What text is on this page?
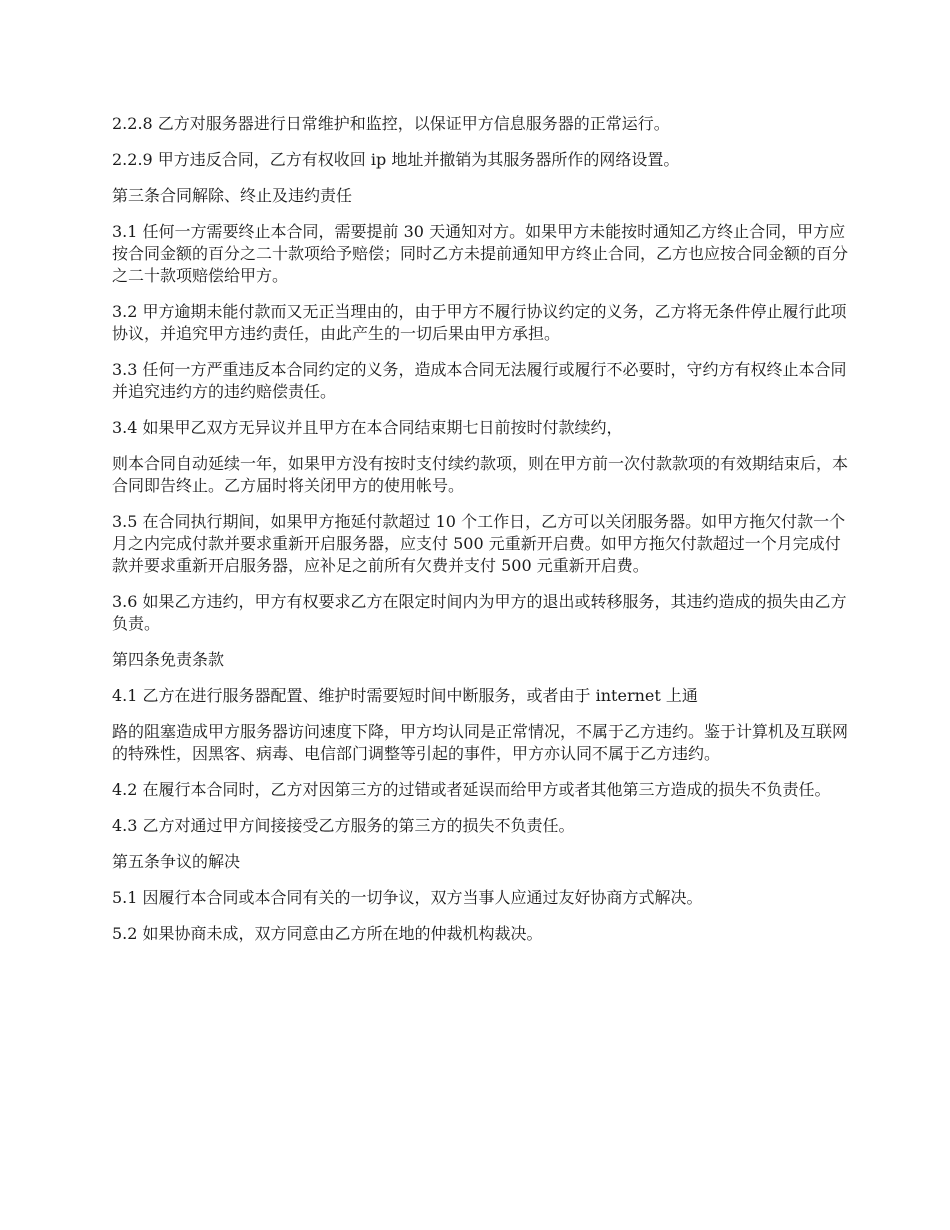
2.2.8 乙方对服务器进行日常维护和监控，以保证甲方信息服务器的正常运行。

2.2.9 甲方违反合同，乙方有权收回 ip 地址并撤销为其服务器所作的网络设置。

第三条合同解除、终止及违约责任

3.1 任何一方需要终止本合同，需要提前 30 天通知对方。如果甲方未能按时通知乙方终止合同，甲方应按合同金额的百分之二十款项给予赔偿；同时乙方未提前通知甲方终止合同，乙方也应按合同金额的百分之二十款项赔偿给甲方。

3.2 甲方逾期未能付款而又无正当理由的，由于甲方不履行协议约定的义务，乙方将无条件停止履行此项协议，并追究甲方违约责任，由此产生的一切后果由甲方承担。

3.3 任何一方严重违反本合同约定的义务，造成本合同无法履行或履行不必要时，守约方有权终止本合同并追究违约方的违约赔偿责任。

3.4 如果甲乙双方无异议并且甲方在本合同结束期七日前按时付款续约，

则本合同自动延续一年，如果甲方没有按时支付续约款项，则在甲方前一次付款款项的有效期结束后，本合同即告终止。乙方届时将关闭甲方的使用帐号。

3.5 在合同执行期间，如果甲方拖延付款超过 10 个工作日，乙方可以关闭服务器。如甲方拖欠付款一个月之内完成付款并要求重新开启服务器，应支付 500 元重新开启费。如甲方拖欠付款超过一个月完成付款并要求重新开启服务器，应补足之前所有欠费并支付 500 元重新开启费。

3.6 如果乙方违约，甲方有权要求乙方在限定时间内为甲方的退出或转移服务，其违约造成的损失由乙方负责。

第四条免责条款

4.1 乙方在进行服务器配置、维护时需要短时间中断服务，或者由于 internet 上通

路的阻塞造成甲方服务器访问速度下降，甲方均认同是正常情况，不属于乙方违约。鉴于计算机及互联网的特殊性，因黑客、病毒、电信部门调整等引起的事件，甲方亦认同不属于乙方违约。

4.2 在履行本合同时，乙方对因第三方的过错或者延误而给甲方或者其他第三方造成的损失不负责任。

4.3 乙方对通过甲方间接接受乙方服务的第三方的损失不负责任。

第五条争议的解决

5.1 因履行本合同或本合同有关的一切争议，双方当事人应通过友好协商方式解决。

5.2 如果协商未成，双方同意由乙方所在地的仲裁机构裁决。
